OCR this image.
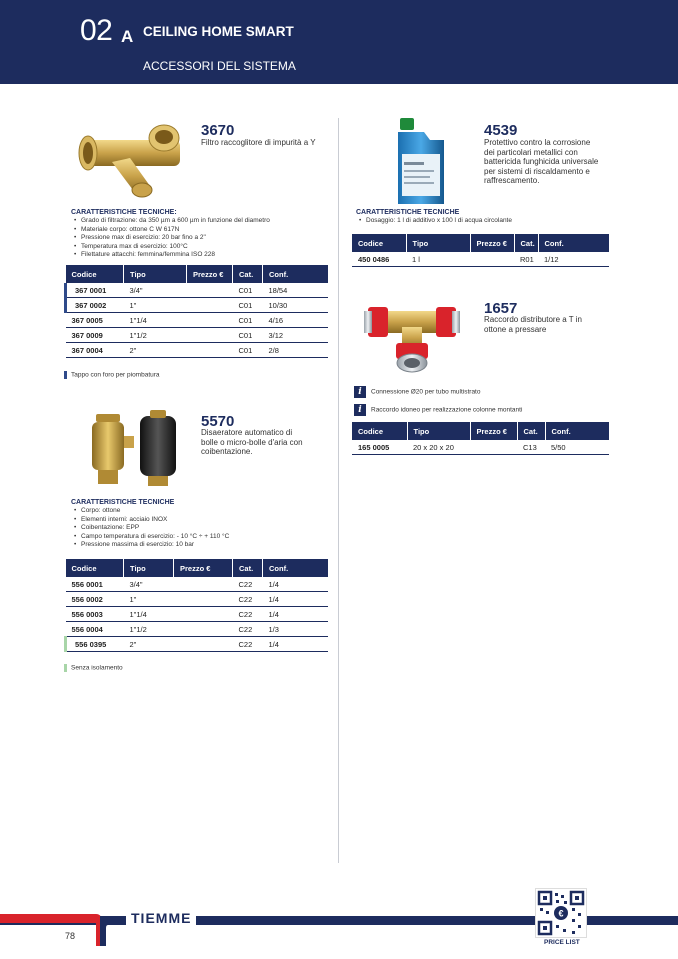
02 A CEILING HOME SMART
ACCESSORI DEL SISTEMA
3670
Filtro raccoglitore di impurità a Y
CARATTERISTICHE TECNICHE:
• Grado di filtrazione: da 350 µm a 600 µm in funzione del diametro
• Materiale corpo: ottone C W 617N
• Pressione max di esercizio: 20 bar fino a 2"
• Temperatura max di esercizio: 100°C
• Filettature attacchi: femmina/femmina ISO 228
Codice	Tipo	Prezzo €	Cat.	Conf.
367 0001	3/4"		C01	18/54
367 0002	1"		C01	10/30
367 0005	1"1/4		C01	4/16
367 0009	1"1/2		C01	3/12
367 0004	2"		C01	2/8
Tappo con foro per piombatura
5570
Disaeratore automatico di
bolle o micro-bolle d'aria con
coibentazione.
CARATTERISTICHE TECNICHE
• Corpo: ottone
• Elementi interni: acciaio INOX
• Coibentazione: EPP
• Campo temperatura di esercizio: - 10 °C ÷ + 110 °C
• Pressione massima di esercizio: 10 bar
Codice	Tipo	Prezzo €	Cat.	Conf.
556 0001	3/4"		C22	1/4
556 0002	1"		C22	1/4
556 0003	1"1/4		C22	1/4
556 0004	1"1/2		C22	1/3
556 0395	2"		C22	1/4
Senza isolamento
4539
Protettivo contro la corrosione
dei particolari metallici con
battericida funghicida universale
per sistemi di riscaldamento e
raffrescamento.
CARATTERISTICHE TECNICHE
• Dosaggio: 1 l di additivo x 100 l di acqua circolante
Codice	Tipo	Prezzo €	Cat.	Conf.
450 0486	1 l		R01	1/12
1657
Raccordo distributore a T in
ottone a pressare
i Connessione Ø20 per tubo multistrato
i Raccordo idoneo per realizzazione colonne montanti
Codice	Tipo	Prezzo €	Cat.	Conf.
165 0005	20 x 20 x 20		C13	5/50
TIEMME
78
€
PRICE LIST
